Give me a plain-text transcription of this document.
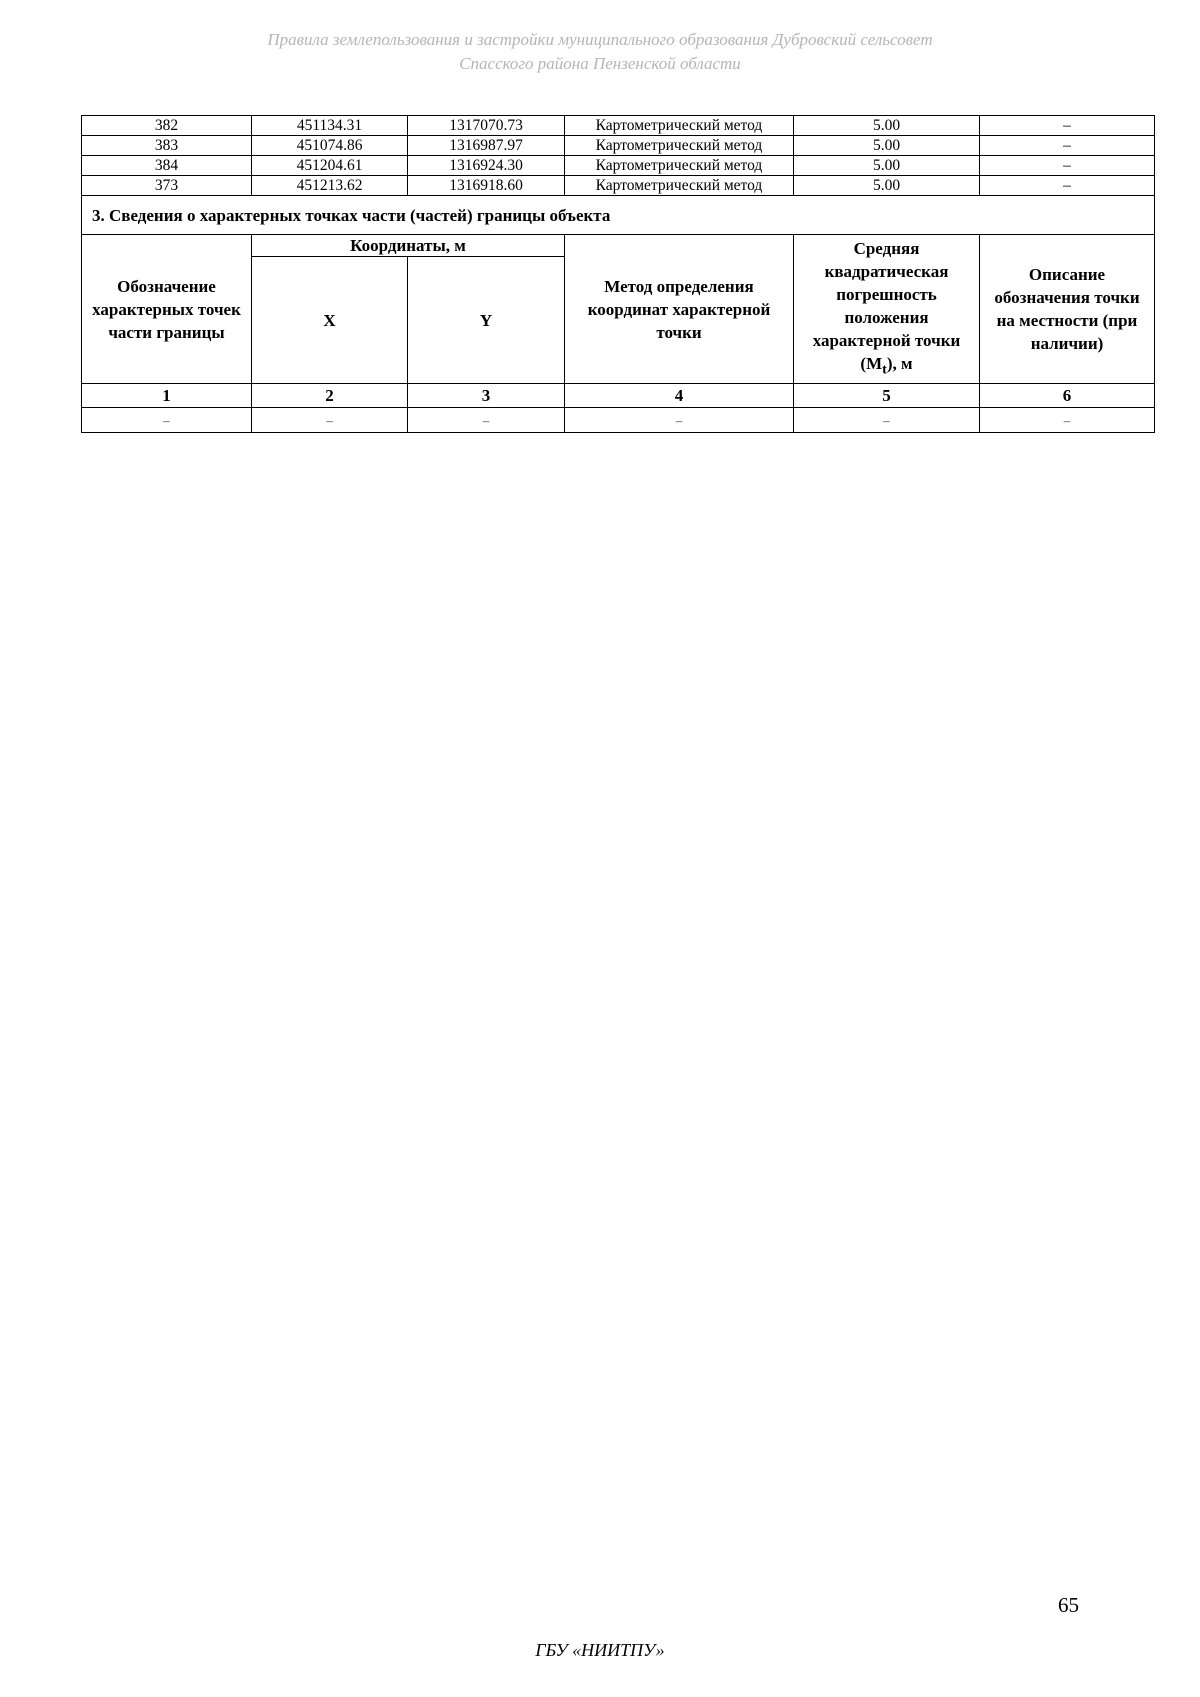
Правила землепользования и застройки муниципального образования Дубровский сельсовет
Спасского района Пензенской области
382	451134.31	1317070.73	Картометрический метод	5.00	–
383	451074.86	1316987.97	Картометрический метод	5.00	–
384	451204.61	1316924.30	Картометрический метод	5.00	–
373	451213.62	1316918.60	Картометрический метод	5.00	–
3. Сведения о характерных точках части (частей) границы объекта					
Обозначение характерных точек части границы	Координаты, м		Метод определения координат характерной точки	Средняя квадратическая погрешность положения характерной точки $(M_t)$, м	Описание обозначения точки на местности (при наличии)
	X	Y			
1	2	3	4	5	6
–	–	–	–	–	–
65
ГБУ «НИИТПУ»
